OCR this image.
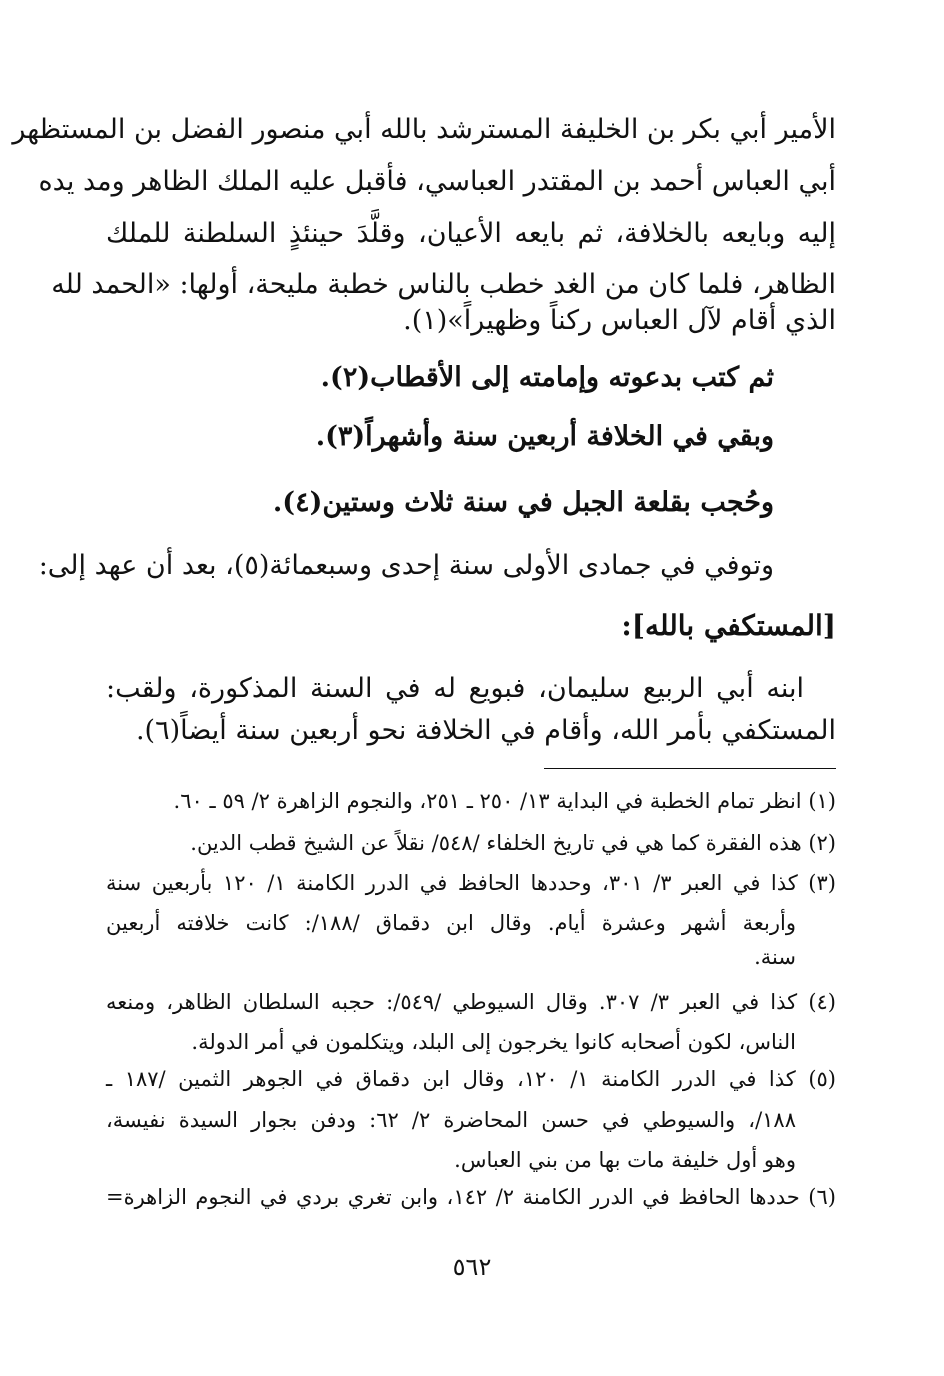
الأمير أبي بكر بن الخليفة المسترشد بالله أبي منصور الفضل بن المستظهر
أبي العباس أحمد بن المقتدر العباسي، فأقبل عليه الملك الظاهر ومد يده
إليه وبايعه بالخلافة، ثم بايعه الأعيان، وقلَّدَ حينئذٍ السلطنة للملك
الظاهر، فلما كان من الغد خطب بالناس خطبة مليحة، أولها: «الحمد لله
الذي أقام لآل العباس ركناً وظهيراً»(١).
ثم كتب بدعوته وإمامته إلى الأقطاب(٢).
وبقي في الخلافة أربعين سنة وأشهراً(٣).
وحُجب بقلعة الجبل في سنة ثلاث وستين(٤).
وتوفي في جمادى الأولى سنة إحدى وسبعمائة(٥)، بعد أن عهد إلى:
[المستكفي بالله]:
ابنه أبي الربيع سليمان، فبويع له في السنة المذكورة، ولقب:
المستكفي بأمر الله، وأقام في الخلافة نحو أربعين سنة أيضاً(٦).
(١) انظر تمام الخطبة في البداية ١٣/ ٢٥٠ ـ ٢٥١، والنجوم الزاهرة ٢/ ٥٩ ـ ٦٠.
(٢) هذه الفقرة كما هي في تاريخ الخلفاء /٥٤٨/ نقلاً عن الشيخ قطب الدين.
(٣) كذا في العبر ٣/ ٣٠١، وحددها الحافظ في الدرر الكامنة ١/ ١٢٠ بأربعين سنة
وأربعة أشهر وعشرة أيام. وقال ابن دقماق /١٨٨/: كانت خلافته أربعين
سنة.
(٤) كذا في العبر ٣/ ٣٠٧. وقال السيوطي /٥٤٩/: حجبه السلطان الظاهر، ومنعه
الناس، لكون أصحابه كانوا يخرجون إلى البلد، ويتكلمون في أمر الدولة.
(٥) كذا في الدرر الكامنة ١/ ١٢٠، وقال ابن دقماق في الجوهر الثمين /١٨٧ ـ
١٨٨/، والسيوطي في حسن المحاضرة ٢/ ٦٢: ودفن بجوار السيدة نفيسة،
وهو أول خليفة مات بها من بني العباس.
(٦) حددها الحافظ في الدرر الكامنة ٢/ ١٤٢، وابن تغري بردي في النجوم الزاهرة=
٥٦٢
